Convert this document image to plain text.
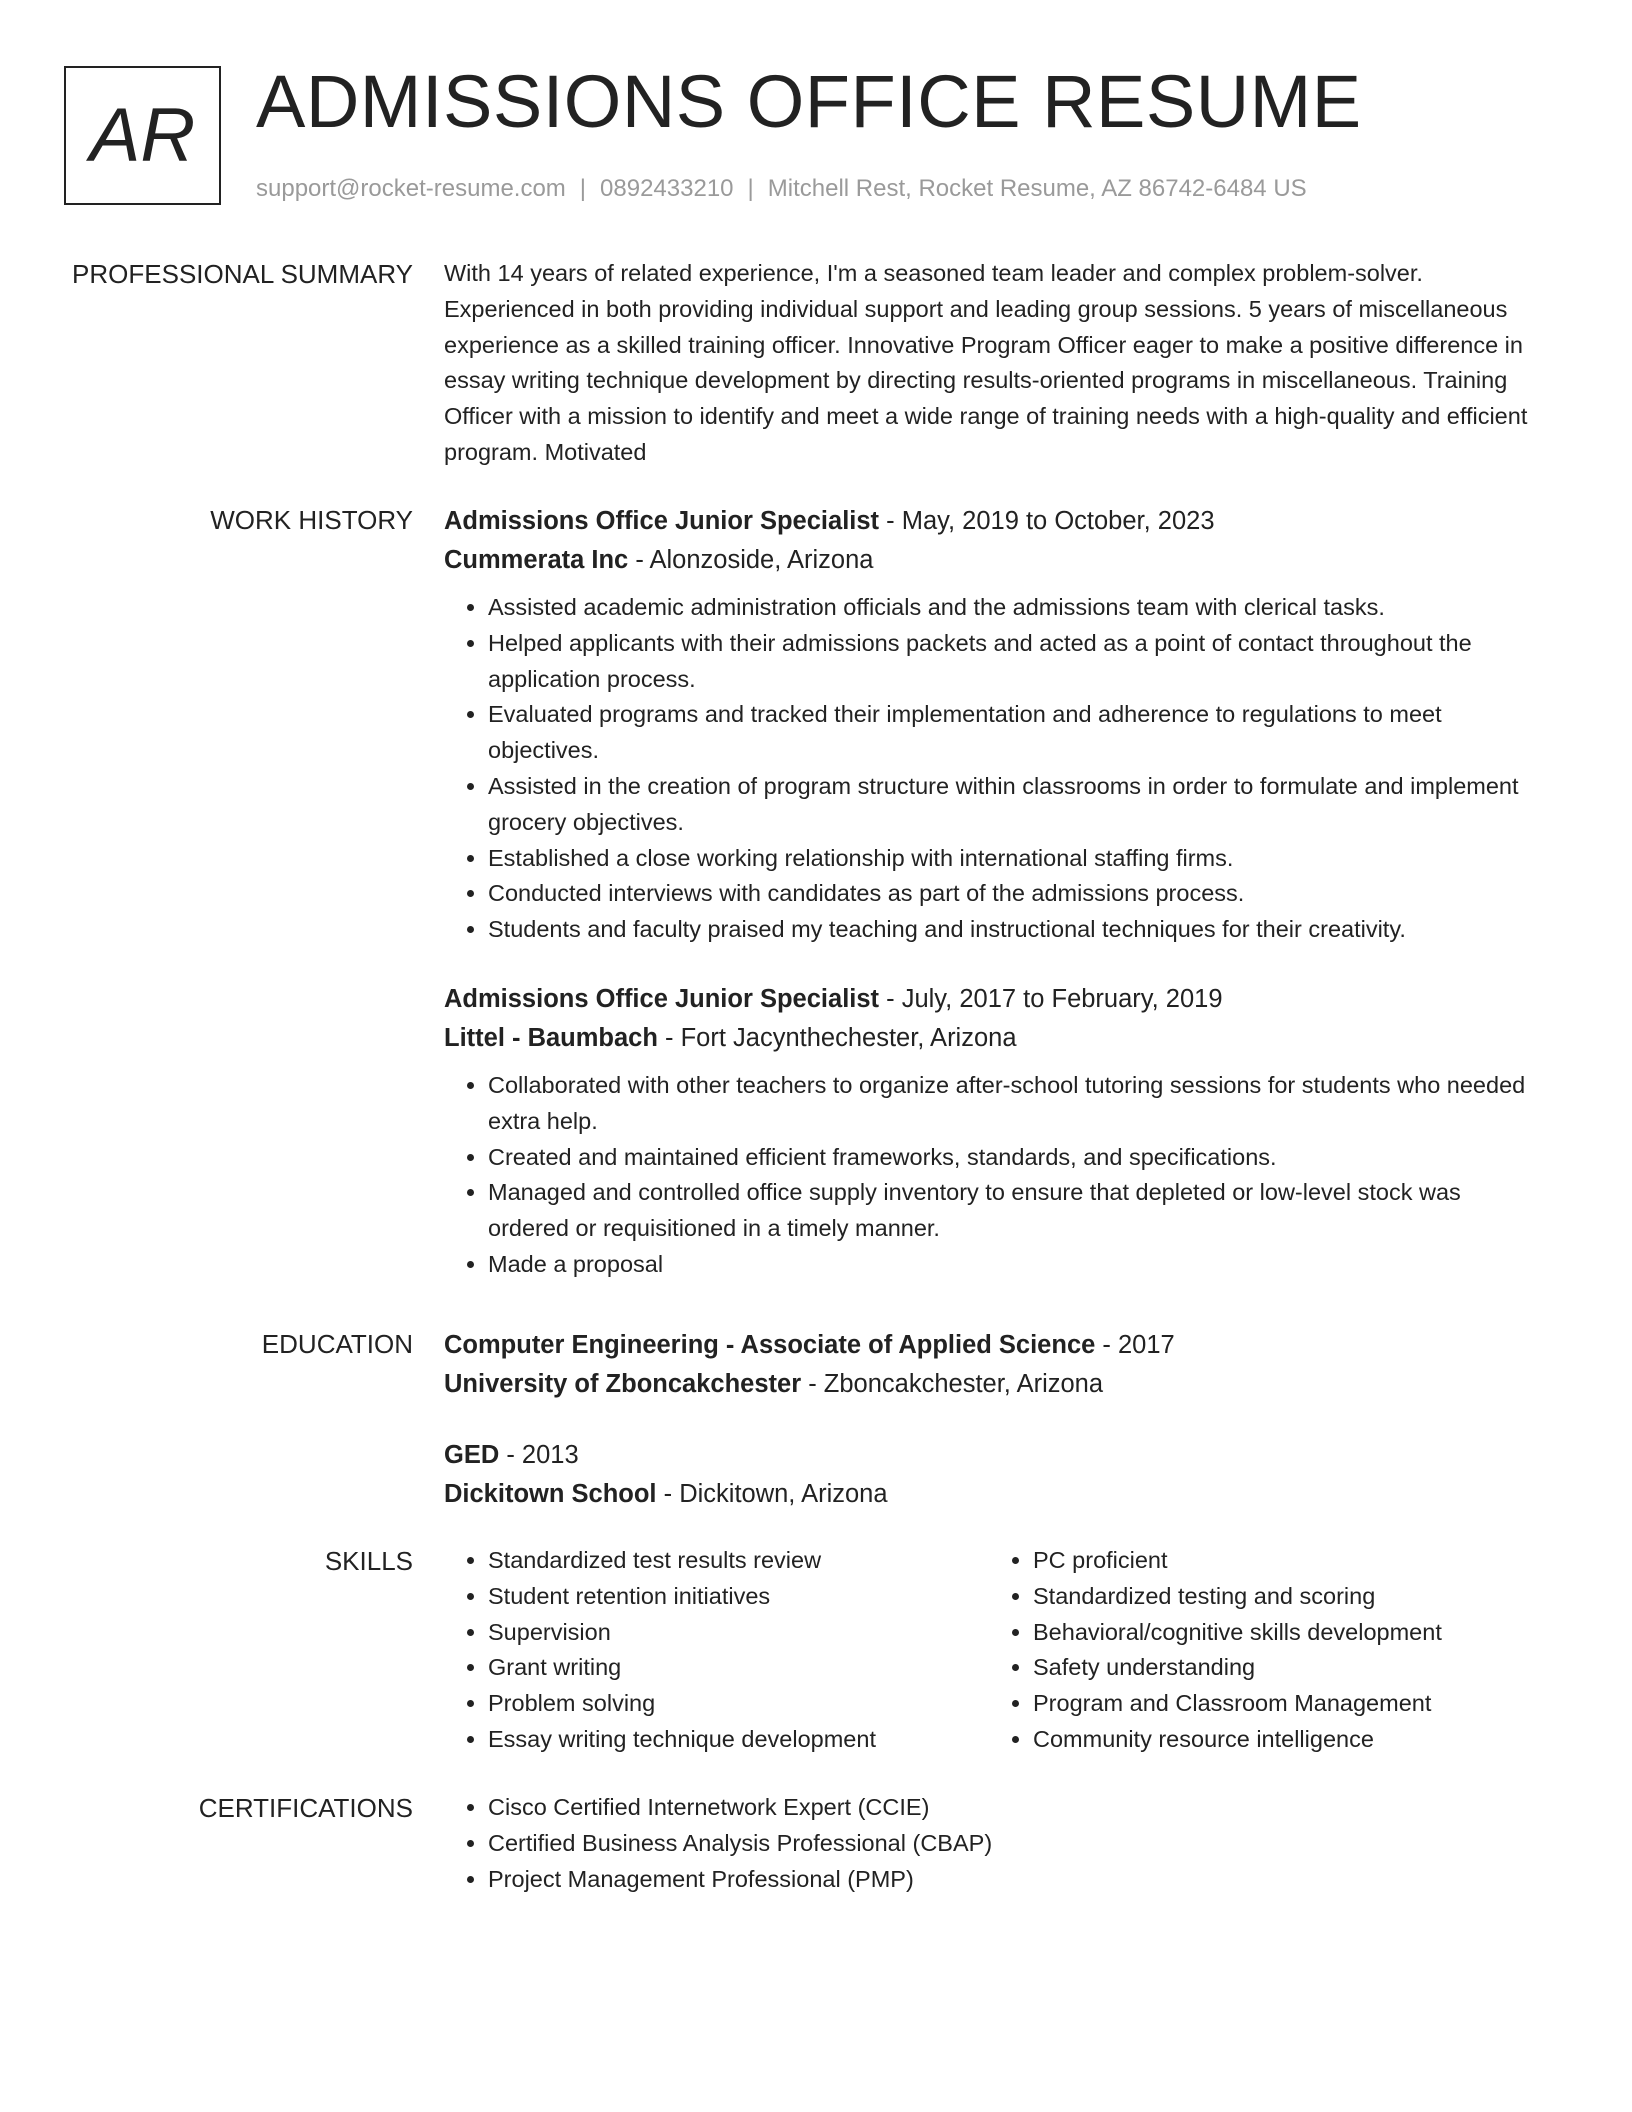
AR ADMISSIONS OFFICE RESUME
support@rocket-resume.com | 0892433210 | Mitchell Rest, Rocket Resume, AZ 86742-6484 US
PROFESSIONAL SUMMARY With 14 years of related experience, I'm a seasoned team leader and complex problem-solver. Experienced in both providing individual support and leading group sessions. 5 years of miscellaneous experience as a skilled training officer. Innovative Program Officer eager to make a positive difference in essay writing technique development by directing results-oriented programs in miscellaneous. Training Officer with a mission to identify and meet a wide range of training needs with a high-quality and efficient program. Motivated

WORK HISTORY Admissions Office Junior Specialist - May, 2019 to October, 2023
Cummerata Inc - Alonzoside, Arizona
• Assisted academic administration officials and the admissions team with clerical tasks.
• Helped applicants with their admissions packets and acted as a point of contact throughout the application process.
• Evaluated programs and tracked their implementation and adherence to regulations to meet objectives.
• Assisted in the creation of program structure within classrooms in order to formulate and implement grocery objectives.
• Established a close working relationship with international staffing firms.
• Conducted interviews with candidates as part of the admissions process.
• Students and faculty praised my teaching and instructional techniques for their creativity.
Admissions Office Junior Specialist - July, 2017 to February, 2019
Littel - Baumbach - Fort Jacynthechester, Arizona
• Collaborated with other teachers to organize after-school tutoring sessions for students who needed extra help.
• Created and maintained efficient frameworks, standards, and specifications.
• Managed and controlled office supply inventory to ensure that depleted or low-level stock was ordered or requisitioned in a timely manner.
• Made a proposal
EDUCATION Computer Engineering - Associate of Applied Science - 2017
University of Zboncakchester - Zboncakchester, Arizona
GED - 2013
Dickitown School - Dickitown, Arizona
SKILLS	• Standardized test results review
• Student retention initiatives
• Supervision
• Grant writing
• Problem solving
• Essay writing technique development
• PC proficient
• Standardized testing and scoring
• Behavioral/cognitive skills development
• Safety understanding
• Program and Classroom Management
• Community resource intelligence
CERTIFICATIONS	• Cisco Certified Internetwork Expert (CCIE)
• Certified Business Analysis Professional (CBAP)
• Project Management Professional (PMP)
